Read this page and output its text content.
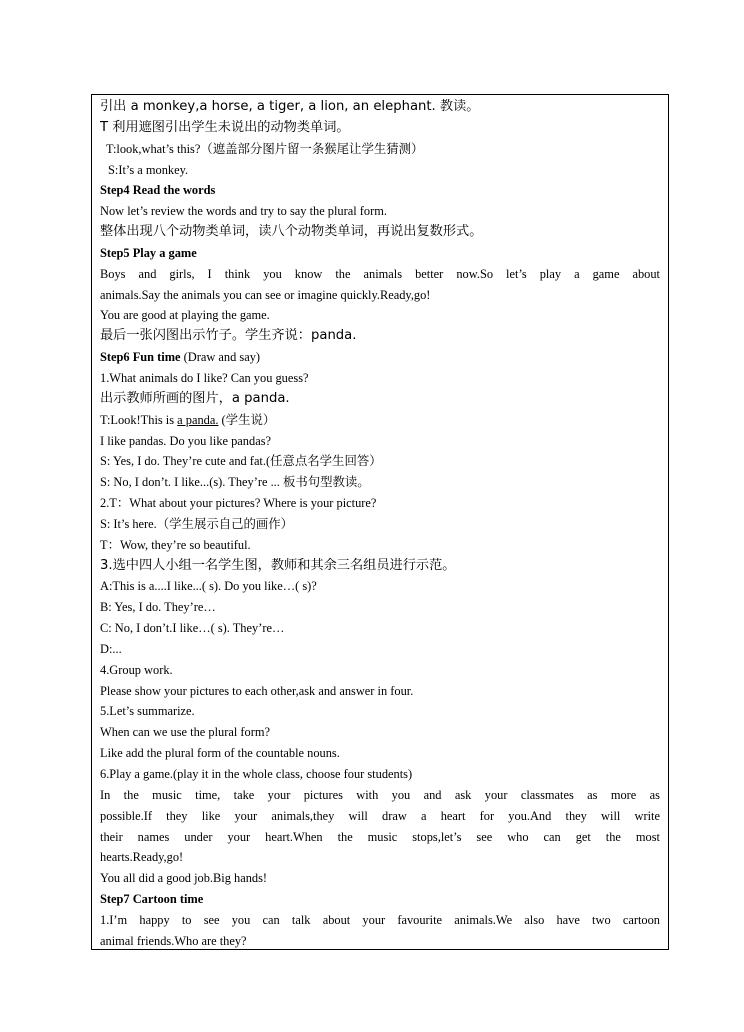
引出 a monkey,a horse, a tiger, a lion, an elephant. 教读。
T 利用遮图引出学生未说出的动物类单词。
T:look,what’s this?（遮盖部分图片留一条猴尾让学生猜测）
S:It’s a monkey.
Step4 Read the words
Now let’s review the words and try to say the plural form.
整体出现八个动物类单词，读八个动物类单词，再说出复数形式。
Step5 Play a game
Boys and girls, I think you know the animals better now.So let’s play a game about
animals.Say the animals you can see or imagine quickly.Ready,go!
You are good at playing the game.
最后一张闪图出示竹子。学生齐说：panda.
Step6 Fun time (Draw and say)
1.What animals do I like? Can you guess?
出示教师所画的图片，a panda.
T:Look!This is a panda. (学生说）
I like pandas. Do you like pandas?
S: Yes, I do. They’re cute and fat.(任意点名学生回答）
S: No, I don’t. I like...(s). They’re ... 板书句型教读。
2.T：What about your pictures? Where is your picture?
S: It’s here.（学生展示自己的画作）
T：Wow, they’re so beautiful.
3.选中四人小组一名学生图，教师和其余三名组员进行示范。
A:This is a....I like...( s). Do you like…( s)?
B: Yes, I do. They’re…
C: No, I don’t.I like…( s). They’re…
D:...
4.Group work.
Please show your pictures to each other,ask and answer in four.
5.Let’s summarize.
When can we use the plural form?
Like add the plural form of the countable nouns.
6.Play a game.(play it in the whole class, choose four students)
In the music time, take your pictures with you and ask your classmates as more as
possible.If they like your animals,they will draw a heart for you.And they will write
their names under your heart.When the music stops,let’s see who can get the most
hearts.Ready,go!
You all did a good job.Big hands!
Step7 Cartoon time
1.I’m happy to see you can talk about your favourite animals.We also have two cartoon
animal friends.Who are they?
